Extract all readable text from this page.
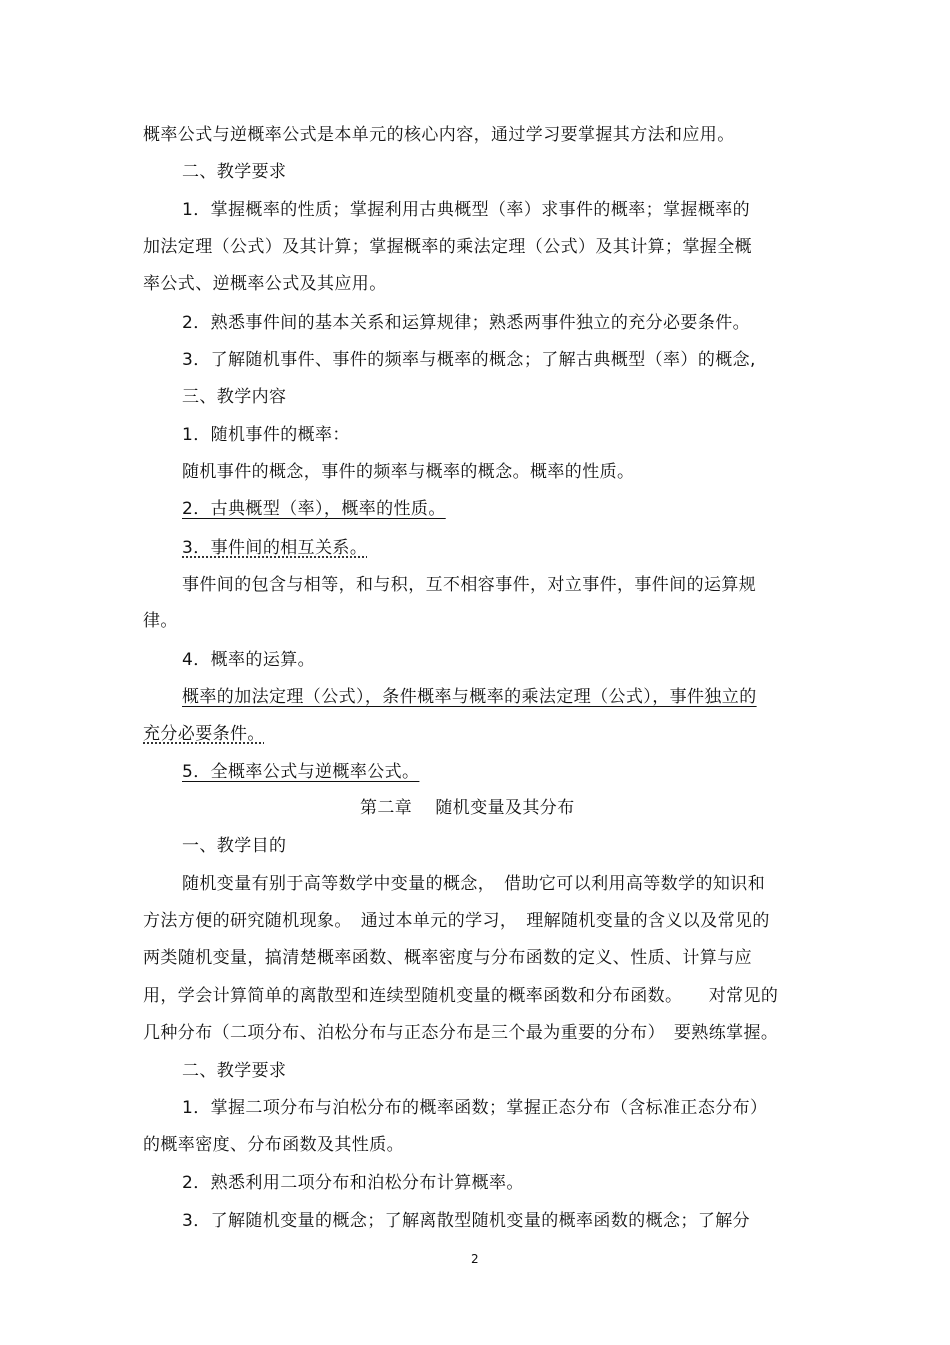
概率公式与逆概率公式是本单元的核心内容，通过学习要掌握其方法和应用。
二、教学要求
1．掌握概率的性质；掌握利用古典概型（率）求事件的概率；掌握概率的
加法定理（公式）及其计算；掌握概率的乘法定理（公式）及其计算；掌握全概
率公式、逆概率公式及其应用。
2．熟悉事件间的基本关系和运算规律；熟悉两事件独立的充分必要条件。
3．了解随机事件、事件的频率与概率的概念；了解古典概型（率）的概念,
三、教学内容
1．随机事件的概率：
随机事件的概念，事件的频率与概率的概念。概率的性质。
2．古典概型（率），概率的性质。
3．事件间的相互关系。
事件间的包含与相等，和与积，互不相容事件，对立事件，事件间的运算规
律。
4．概率的运算。
概率的加法定理（公式），条件概率与概率的乘法定理（公式），事件独立的
充分必要条件。
5．全概率公式与逆概率公式。
第二章　 随机变量及其分布
一、教学目的
随机变量有别于高等数学中变量的概念，　借助它可以利用高等数学的知识和
方法方便的研究随机现象。　通过本单元的学习，　理解随机变量的含义以及常见的
两类随机变量，搞清楚概率函数、概率密度与分布函数的定义、性质、计算与应
用，学会计算简单的离散型和连续型随机变量的概率函数和分布函数。　　对常见的
几种分布（二项分布、泊松分布与正态分布是三个最为重要的分布）　要熟练掌握。
二、教学要求
1．掌握二项分布与泊松分布的概率函数；掌握正态分布（含标准正态分布）
的概率密度、分布函数及其性质。
2．熟悉利用二项分布和泊松分布计算概率。
3．了解随机变量的概念；了解离散型随机变量的概率函数的概念；了解分
2
